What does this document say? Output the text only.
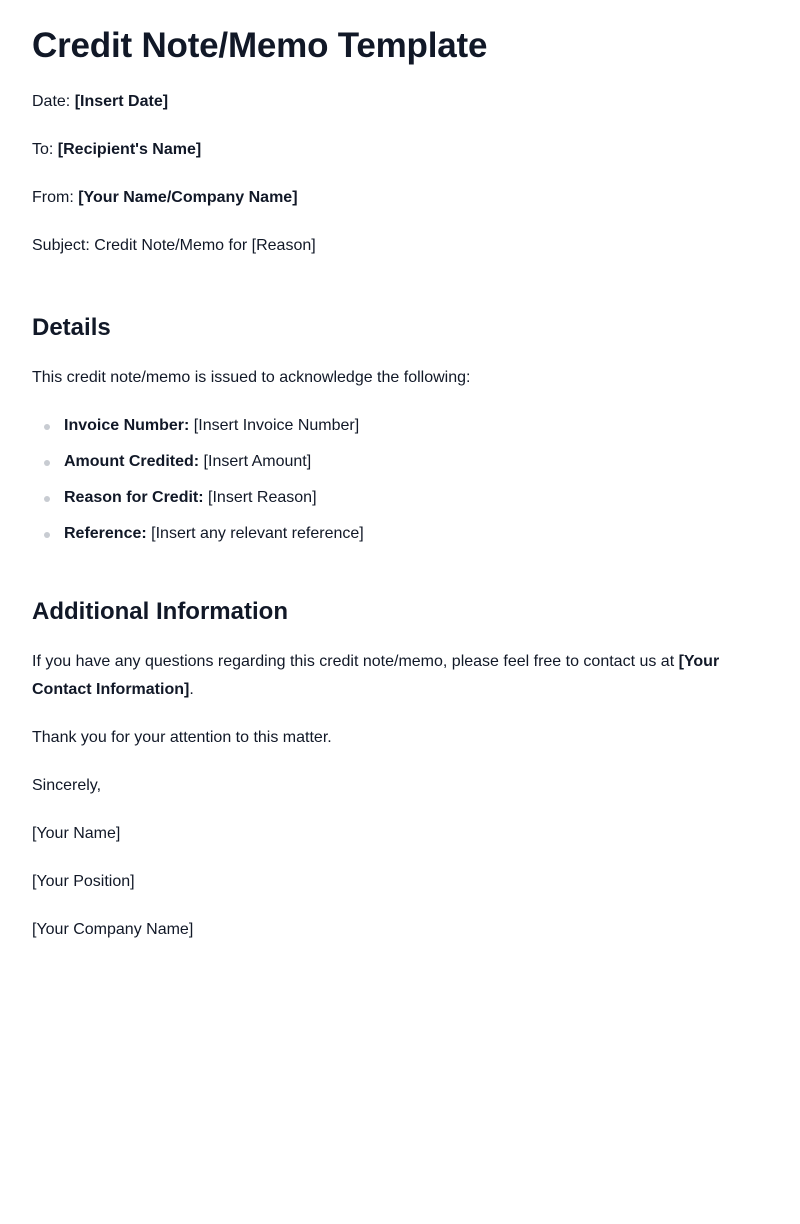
Credit Note/Memo Template

Date: [Insert Date]

To: [Recipient's Name]

From: [Your Name/Company Name]

Subject: Credit Note/Memo for [Reason]

Details

This credit note/memo is issued to acknowledge the following:

Invoice Number: [Insert Invoice Number]
Amount Credited: [Insert Amount]
Reason for Credit: [Insert Reason]
Reference: [Insert any relevant reference]
Additional Information

If you have any questions regarding this credit note/memo, please feel free to contact us at [Your Contact Information].

Thank you for your attention to this matter.

Sincerely,

[Your Name]

[Your Position]

[Your Company Name]
